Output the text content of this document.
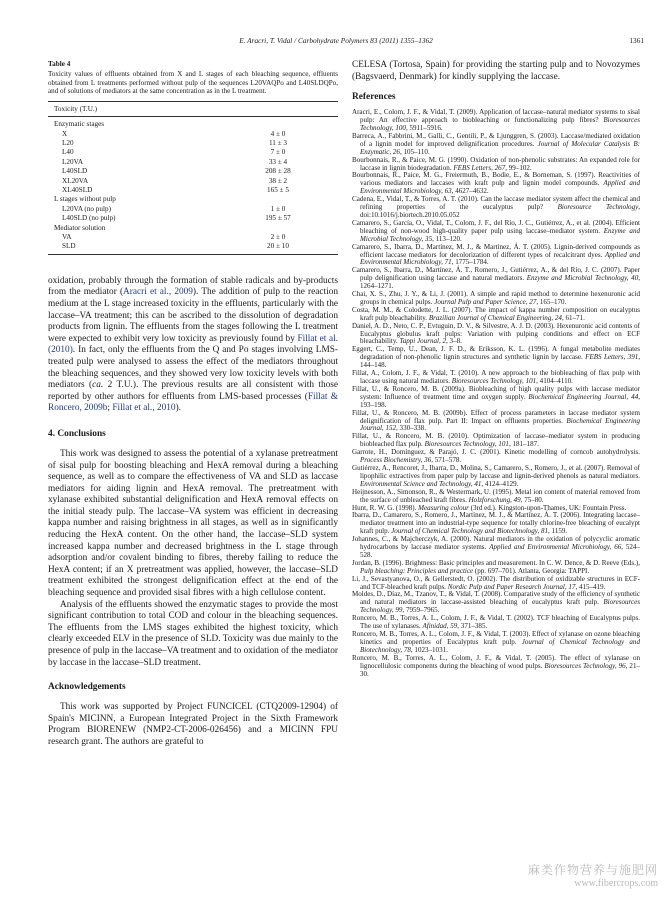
E. Aracri, T. Vidal / Carbohydrate Polymers 83 (2011) 1355–1362	1361
Table 4
Toxicity values of effluents obtained from X and L stages of each bleaching sequence, effluents obtained from L treatments performed without pulp of the sequences L20VAQPo and L40SLDQPo, and of solutions of mediators at the same concentration as in the L treatment.
Toxicity (T.U.)
Enzymatic stages
X	4 ± 0
L20	11 ± 3
L40	7 ± 0
L20VA	33 ± 4
L40SLD	208 ± 28
XL20VA	38 ± 2
XL40SLD	165 ± 5
L stages without pulp
L20VA (no pulp)	1 ± 0
L40SLD (no pulp)	195 ± 57
Mediator solution
VA	2 ± 0
SLD	20 ± 10

oxidation, probably through the formation of stable radicals and by-products from the mediator (Aracri et al., 2009). The addition of pulp to the reaction medium at the L stage increased toxicity in the effluents, particularly with the laccase–VA treatment; this can be ascribed to the dissolution of degradation products from lignin. The effluents from the stages following the L treatment were expected to exhibit very low toxicity as previously found by Fillat et al. (2010). In fact, only the effluents from the Q and Po stages involving LMS-treated pulp were analysed to assess the effect of the mediators throughout the bleaching sequences, and they showed very low toxicity levels with both mediators (ca. 2 T.U.). The previous results are all consistent with those reported by other authors for effluents from LMS-based processes (Fillat & Roncero, 2009b; Fillat et al., 2010).

4. Conclusions

This work was designed to assess the potential of a xylanase pretreatment of sisal pulp for boosting bleaching and HexA removal during a bleaching sequence, as well as to compare the effectiveness of VA and SLD as laccase mediators for aiding lignin and HexA removal. The pretreatment with xylanase exhibited substantial delignification and HexA removal effects on the initial steady pulp. The laccase–VA system was efficient in decreasing kappa number and raising brightness in all stages, as well as in significantly reducing the HexA content. On the other hand, the laccase–SLD system increased kappa number and decreased brightness in the L stage through adsorption and/or covalent binding to fibres, thereby failing to reduce the HexA content; if an X pretreatment was applied, however, the laccase–SLD treatment exhibited the strongest delignification effect at the end of the bleaching sequence and provided sisal fibres with a high cellulose content.

Analysis of the effluents showed the enzymatic stages to provide the most significant contribution to total COD and colour in the bleaching sequences. The effluents from the LMS stages exhibited the highest toxicity, which clearly exceeded ELV in the presence of SLD. Toxicity was due mainly to the presence of pulp in the laccase–VA treatment and to oxidation of the mediator by laccase in the laccase–SLD treatment.

Acknowledgements

This work was supported by Project FUNCICEL (CTQ2009-12904) of Spain's MICINN, a European Integrated Project in the Sixth Framework Program BIORENEW (NMP2-CT-2006-026456) and a MICINN FPU research grant. The authors are grateful to

CELESA (Tortosa, Spain) for providing the starting pulp and to Novozymes (Bagsvaerd, Denmark) for kindly supplying the laccase.

References

Aracri, E., Colom, J. F., & Vidal, T. (2009). Application of laccase–natural mediator systems to sisal pulp: An effective approach to biobleaching or functionalizing pulp fibres? Bioresources Technology, 100, 5911–5916.

Barreca, A., Fabbrini, M., Galli, C., Gentili, P., & Ljunggren, S. (2003). Laccase/mediated oxidation of a lignin model for improved delignification procedures. Journal of Molecular Catalysis B: Enzymatic, 26, 105–110.

Bourbonnais, R., & Paice, M. G. (1990). Oxidation of non-phenolic substrates: An expanded role for laccase in lignin biodegradation. FEBS Letters, 267, 99–102.

Bourbonnais, R., Paice, M. G., Freiermuth, B., Bodie, E., & Borneman, S. (1997). Reactivities of various mediators and laccases with kraft pulp and lignin model compounds. Applied and Environmental Microbiology, 63, 4627–4632.

Cadena, E., Vidal, T., & Torres, A. T. (2010). Can the laccase mediator system affect the chemical and refining properties of the eucalyptus pulp? Bioresource Technology, doi:10.1016/j.biortech.2010.05.052

Camarero, S., García, O., Vidal, T., Colom, J. F., del Río, J. C., Gutiérrez, A., et al. (2004). Efficient bleaching of non-wood high-quality paper pulp using laccase–mediator system. Enzyme and Microbial Technology, 35, 113–120.

Camarero, S., Ibarra, D., Martínez, M. J., & Martínez, Á. T. (2005). Lignin-derived compounds as efficient laccase mediators for decolorization of different types of recalcitrant dyes. Applied and Environmental Microbiology, 71, 1775–1784.

Camarero, S., Ibarra, D., Martínez, Á. T., Romero, J., Gutiérrez, A., & del Río, J. C. (2007). Paper pulp delignification using laccase and natural mediators. Enzyme and Microbial Technology, 40, 1264–1271.

Chai, X. S., Zhu, J. Y., & Li, J. (2001). A simple and rapid method to determine hexenuronic acid groups in chemical pulps. Journal Pulp and Paper Science, 27, 165–170.

Costa, M. M., & Colodette, J. L. (2007). The impact of kappa number composition on eucalyptus kraft pulp bleachability. Brazilian Journal of Chemical Engineering, 24, 61–71.

Daniel, A. D., Neto, C. P., Evtuguin, D. V., & Silvestre, A. J. D. (2003). Hexenuronic acid contents of Eucalyptus globulus kraft pulps: Variation with pulping conditions and effect on ECF bleachability. Tappi Journal, 2, 3–8.

Eggert, C., Temp, U., Dean, J. F. D., & Eriksson, K. L. (1996). A fungal metabolite mediates degradation of non-phenolic lignin structures and synthetic lignin by laccase. FEBS Letters, 391, 144–148.

Fillat, A., Colom, J. F., & Vidal, T. (2010). A new approach to the biobleaching of flax pulp with laccase using natural mediators. Bioresources Technology, 101, 4104–4110.

Fillat, U., & Roncero, M. B. (2009a). Biobleaching of high quality pulps with laccase mediator system: Influence of treatment time and oxygen supply. Biochemical Engineering Journal, 44, 193–198.

Fillat, U., & Roncero, M. B. (2009b). Effect of process parameters in laccase mediator system delignification of flax pulp. Part II: Impact on effluents properties. Biochemical Engineering Journal, 152, 330–338.

Fillat, U., & Roncero, M. B. (2010). Optimization of laccase–mediator system in producing biobleached flax pulp. Bioresources Technology, 101, 181–187.

Garrote, H., Domínguez, & Parajó, J. C. (2001). Kinetic modelling of corncob autohydrolysis. Process Biochemistry, 36, 571–578.

Gutiérrez, A., Rencoret, J., Ibarra, D., Molina, S., Camarero, S., Romero, J., et al. (2007). Removal of lipophilic extractives from paper pulp by laccase and lignin-derived phenols as natural mediators. Environmental Science and Technology, 41, 4124–4129.

Heijnesson, A., Simonson, R., & Westermark, U. (1995). Metal ion content of material removed from the surface of unbleached kraft fibres. Holzforschung, 49, 75–80.

Hunt, R. W. G. (1998). Measuring colour (3rd ed.). Kingston-upon-Thames, UK: Fountain Press.

Ibarra, D., Camarero, S., Romero, J., Martínez, M. J., & Martínez, Á. T. (2006). Integrating laccase–mediator treatment into an industrial-type sequence for totally chlorine-free bleaching of eucalypt kraft pulp. Journal of Chemical Technology and Biotechnology, 81, 1159.

Johannes, C., & Majcherczyk, A. (2000). Natural mediators in the oxidation of polycyclic aromatic hydrocarbons by laccase mediator systems. Applied and Environmental Microbiology, 66, 524–528.

Jordan, B. (1996). Brightness: Basic principles and measurement. In C. W. Dence, & D. Reeve (Eds.), Pulp bleaching: Principles and practice (pp. 697–701). Atlanta, Georgia: TAPPI.

Li, J., Sevastyanova, O., & Gellerstedt, O. (2002). The distribution of oxidizable structures in ECF- and TCF-bleached kraft pulps. Nordic Pulp and Paper Research Journal, 17, 415–419.

Moldes, D., Díaz, M., Tzanov, T., & Vidal, T. (2008). Comparative study of the efficiency of synthetic and natural mediators in laccase-assisted bleaching of eucalyptus kraft pulp. Bioresources Technology, 99, 7959–7965.

Roncero, M. B., Torres, A. L., Colom, J. F., & Vidal, T. (2002). TCF bleaching of Eucalyptus pulps. The use of xylanases. Afinidad, 59, 371–385.

Roncero, M. B., Torres, A. L., Colom, J. F., & Vidal, T. (2003). Effect of xylanase on ozone bleaching kinetics and properties of Eucalyptus kraft pulp. Journal of Chemical Technology and Biotechnology, 78, 1023–1031.

Roncero, M. B., Torres, A. L., Colom, J. F., & Vidal, T. (2005). The effect of xylanase on lignocellulosic components during the bleaching of wood pulps. Bioresources Technology, 96, 21–30.

麻类作物营养与施肥网
www.fibercrops.com
